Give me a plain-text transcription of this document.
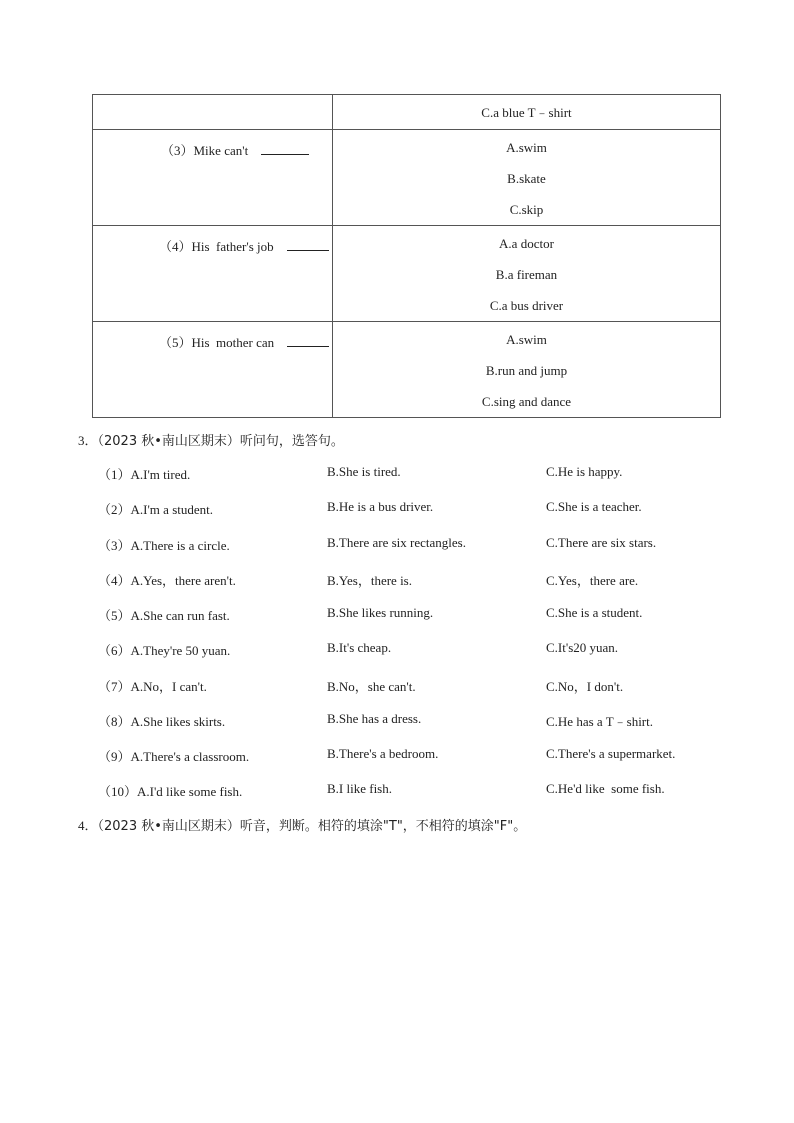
	C.a blue T﹣shirt

（3）Mike can't	A.swim
B.skate
C.skip

（4）His  father's job	A.a doctor
B.a fireman
C.a bus driver

（5）His  mother can	A.swim
B.run and jump
C.sing and dance
3．（2023 秋•南山区期末）听问句，选答句。
（1）A.I'm tired.	B.She is tired.	C.He is happy.
（2）A.I'm a student.	B.He is a bus driver.	C.She is a teacher.
（3）A.There is a circle.	B.There are six rectangles.	C.There are six stars.
（4）A.Yes，there aren't.	B.Yes，there is.	C.Yes，there are.
（5）A.She can run fast.	B.She likes running.	C.She is a student.
（6）A.They're 50 yuan.	B.It's cheap.	C.It's20 yuan.
（7）A.No，I can't.	B.No，she can't.	C.No，I don't.
（8）A.She likes skirts.	B.She has a dress.	C.He has a T﹣shirt.
（9）A.There's a classroom.	B.There's a bedroom.	C.There's a supermarket.
（10）A.I'd like some fish.	B.I like fish.	C.He'd like  some fish.
4．（2023 秋•南山区期末）听音，判断。相符的填涂"T"，不相符的填涂"F"。
